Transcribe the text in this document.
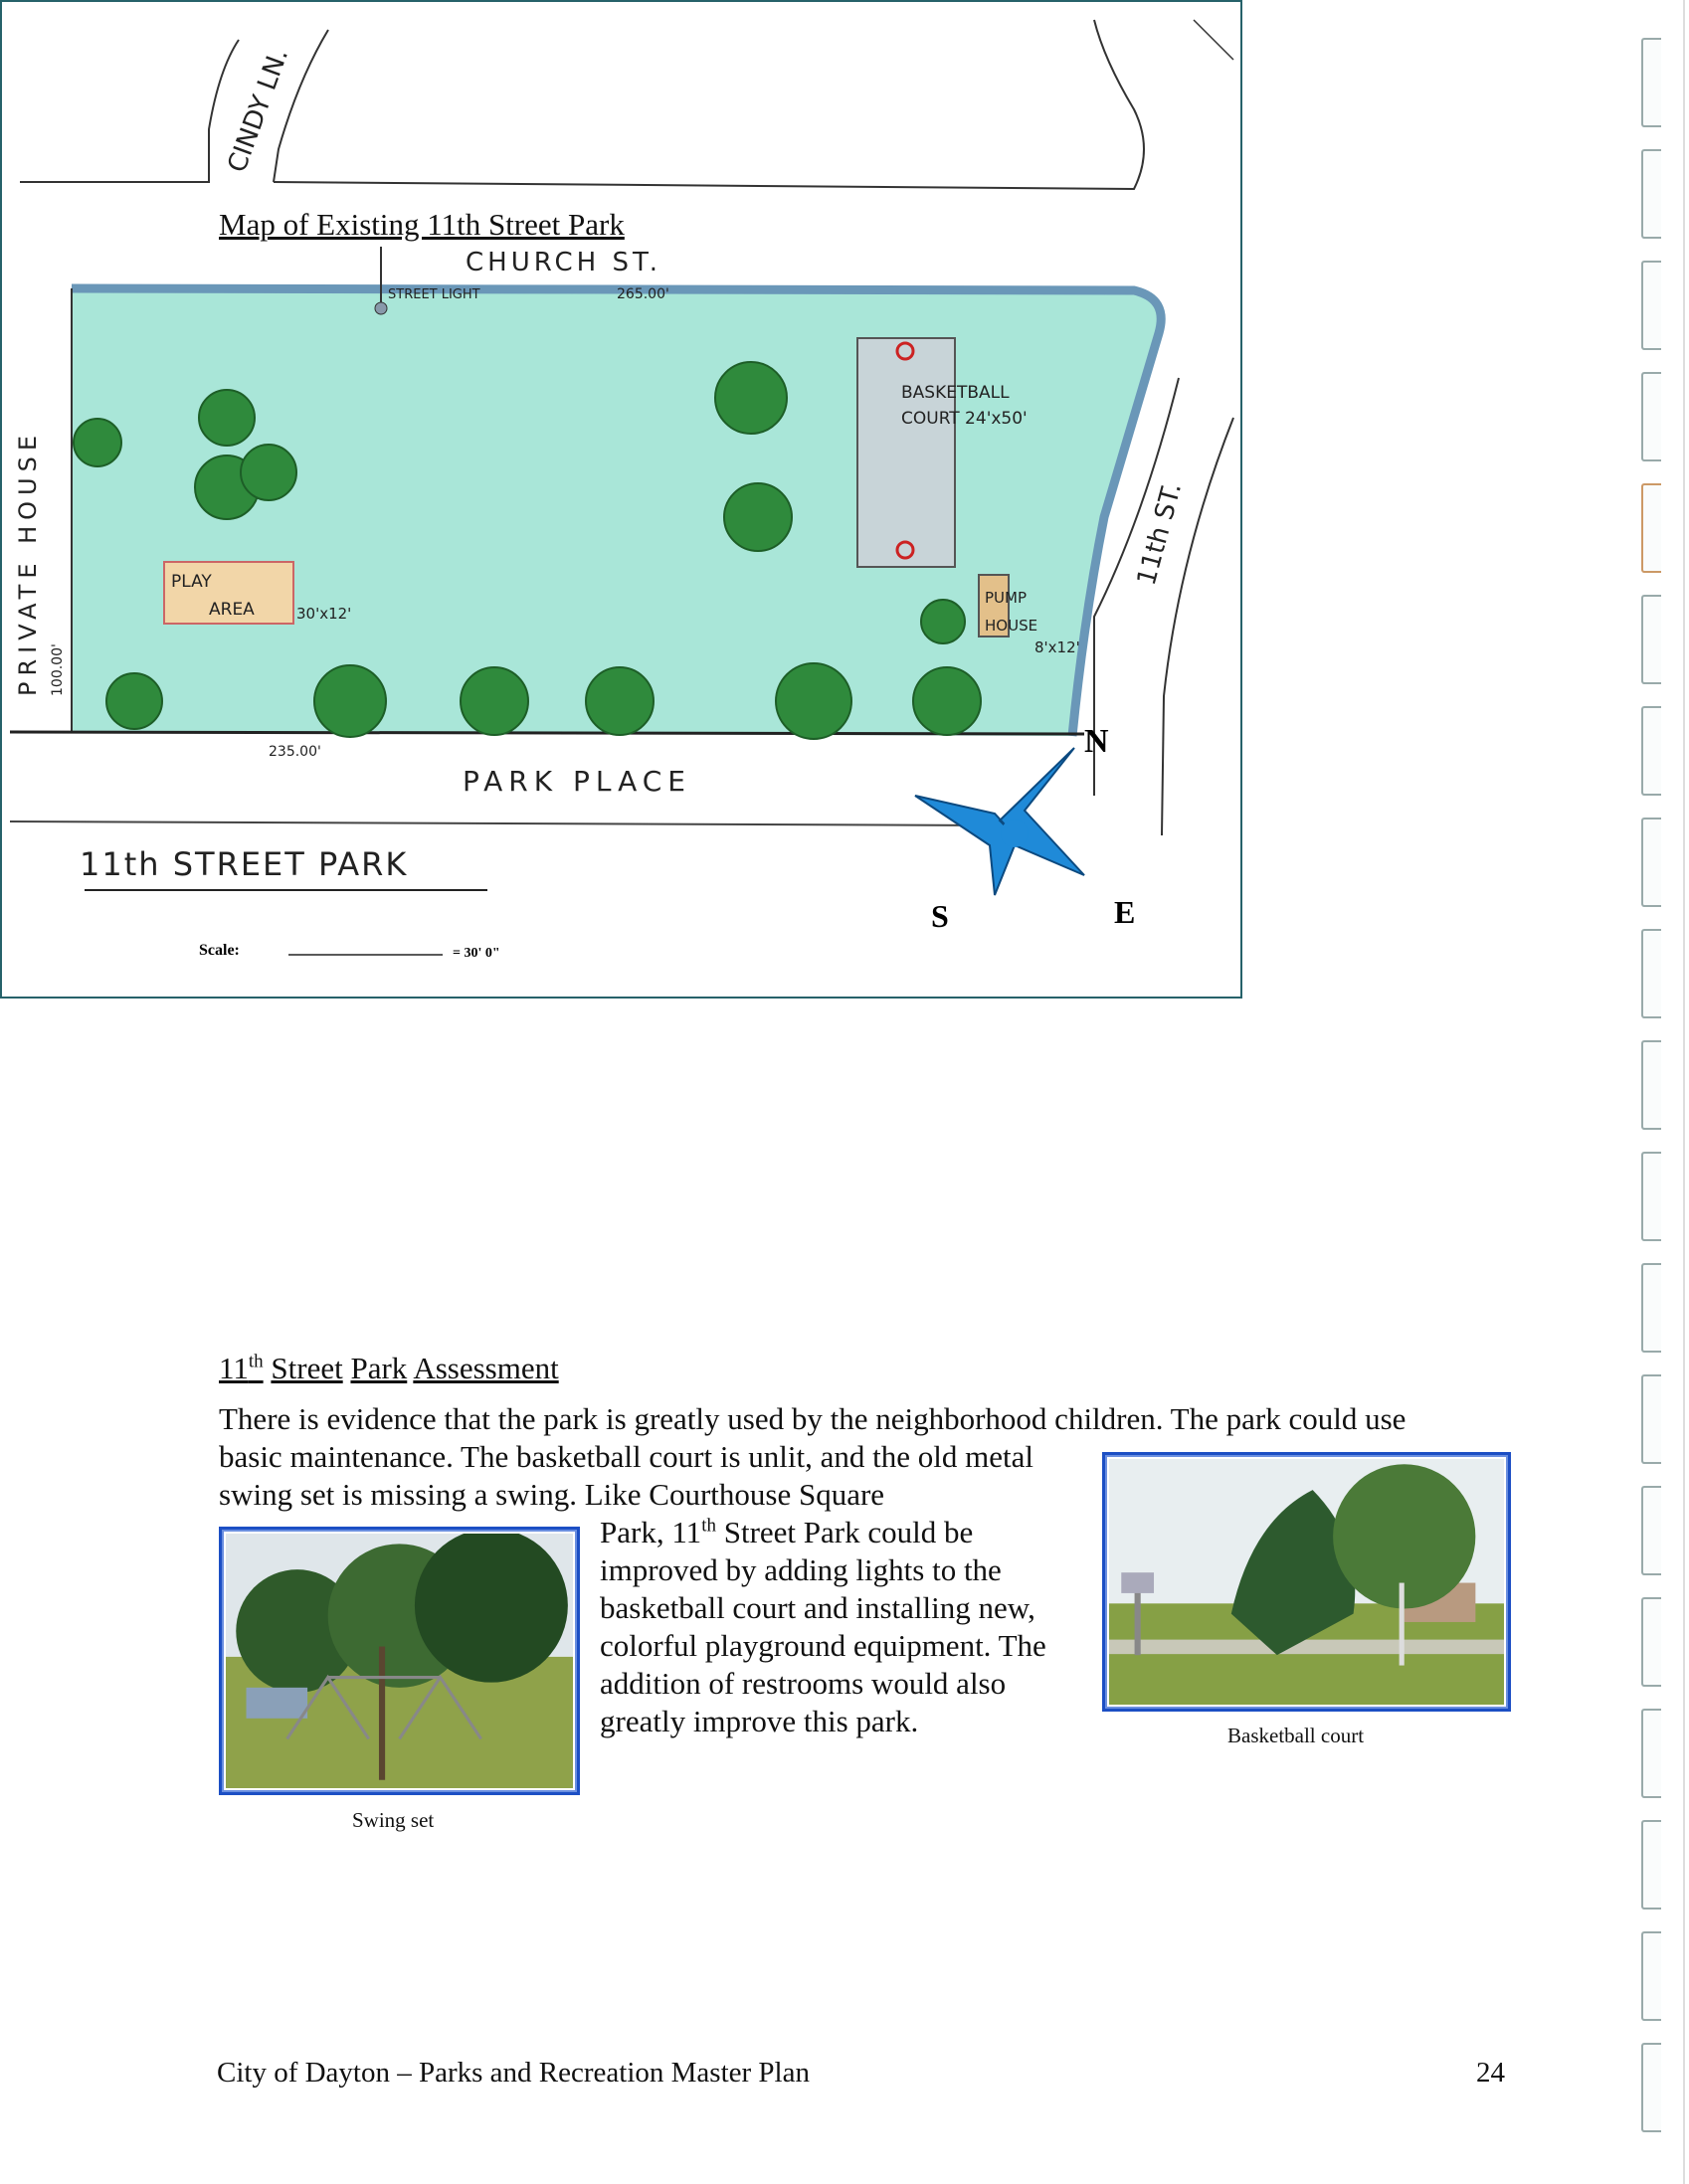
Map of Existing 11th Street Park
CINDY LN.
CHURCH ST.
STREET LIGHT	265.00'
235.00'
100.00'
PRIVATE HOUSE	PLAY
AREA	30'x12'
BASKETBALL
COURT 24'x50'
PUMP
HOUSE
8'x12'
PARK PLACE
11th ST.
11th STREET PARK
Scale:	= 30' 0"
N
S	E
11th Street Park Assessment
There is evidence that the park is greatly used by the neighborhood children. The park could use
basic maintenance. The basketball court is unlit, and the old metal swing set is missing a swing. Like Courthouse Square
Park, 11th Street Park could be improved by adding lights to the basketball court and installing new, colorful playground equipment. The addition of restrooms would also greatly improve this park.
Swing set
Basketball court
City of Dayton – Parks and Recreation Master Plan	24
